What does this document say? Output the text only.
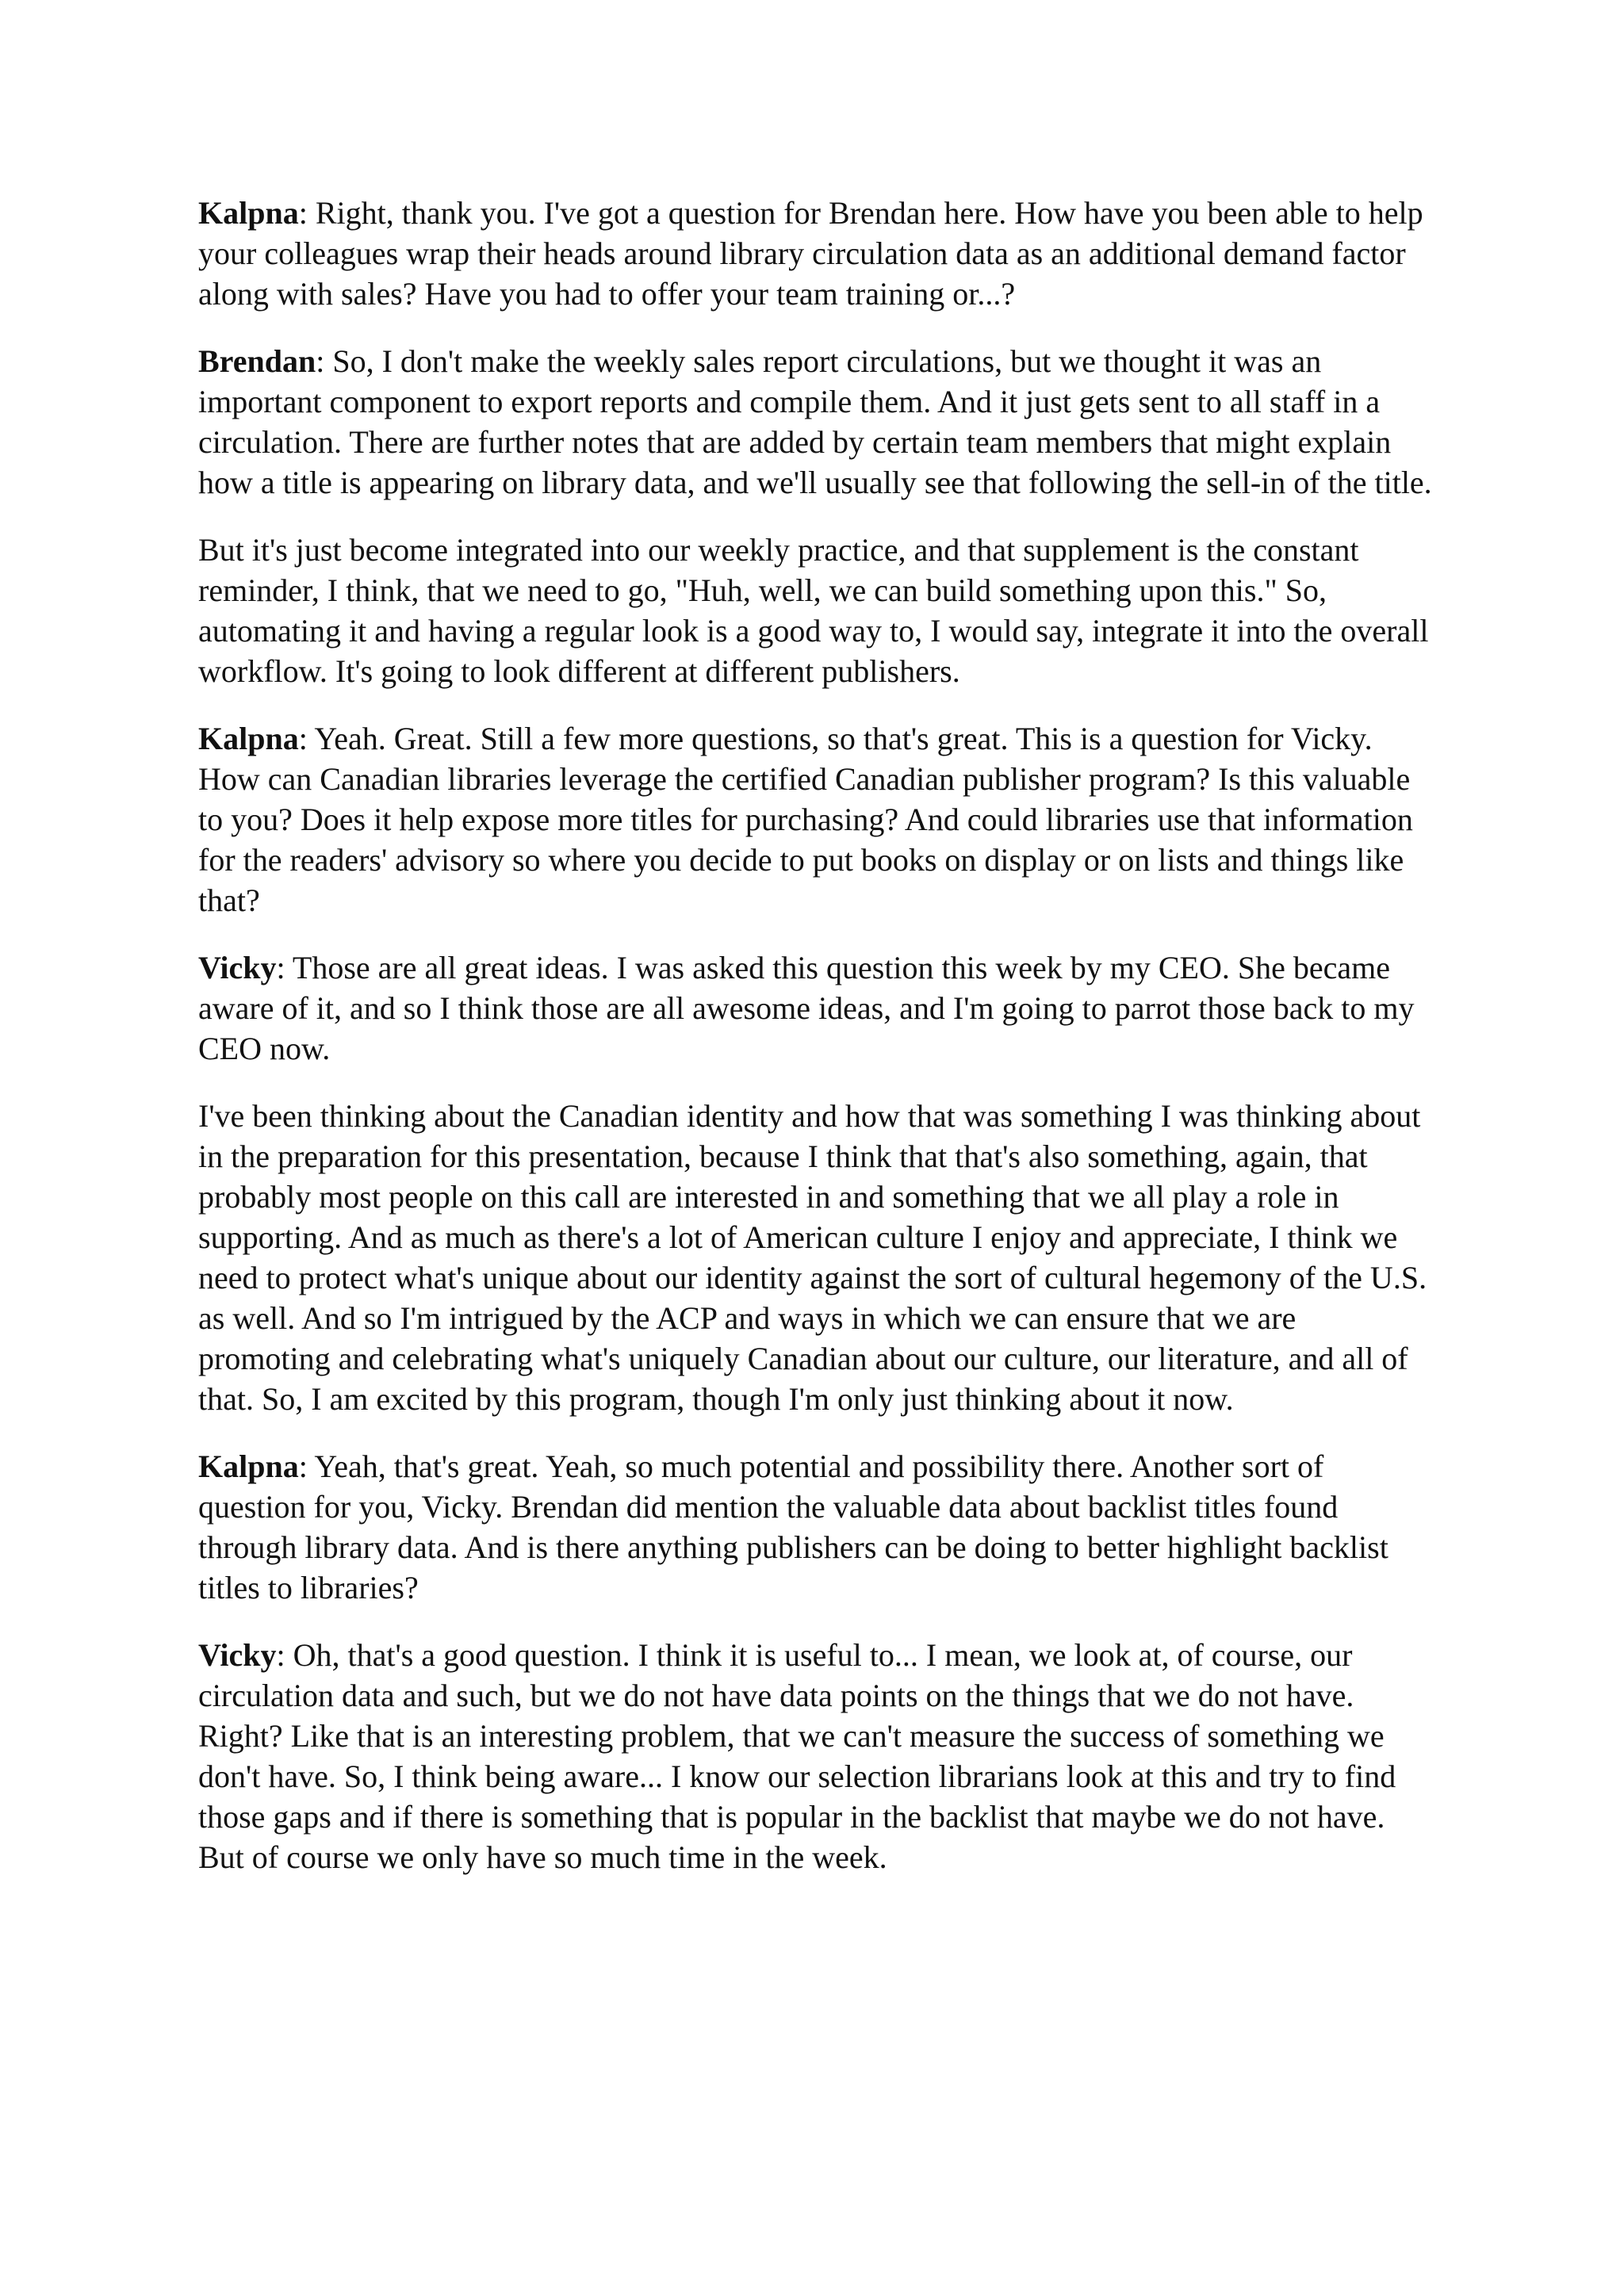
Kalpna: Right, thank you. I've got a question for Brendan here. How have you been able to help your colleagues wrap their heads around library circulation data as an additional demand factor along with sales? Have you had to offer your team training or...?

Brendan: So, I don't make the weekly sales report circulations, but we thought it was an important component to export reports and compile them. And it just gets sent to all staff in a circulation. There are further notes that are added by certain team members that might explain how a title is appearing on library data, and we'll usually see that following the sell-in of the title.

But it's just become integrated into our weekly practice, and that supplement is the constant reminder, I think, that we need to go, "Huh, well, we can build something upon this." So, automating it and having a regular look is a good way to, I would say, integrate it into the overall workflow. It's going to look different at different publishers.

Kalpna: Yeah. Great. Still a few more questions, so that's great. This is a question for Vicky. How can Canadian libraries leverage the certified Canadian publisher program? Is this valuable to you? Does it help expose more titles for purchasing? And could libraries use that information for the readers' advisory so where you decide to put books on display or on lists and things like that?

Vicky: Those are all great ideas. I was asked this question this week by my CEO. She became aware of it, and so I think those are all awesome ideas, and I'm going to parrot those back to my CEO now.

I've been thinking about the Canadian identity and how that was something I was thinking about in the preparation for this presentation, because I think that that's also something, again, that probably most people on this call are interested in and something that we all play a role in supporting. And as much as there's a lot of American culture I enjoy and appreciate, I think we need to protect what's unique about our identity against the sort of cultural hegemony of the U.S. as well. And so I'm intrigued by the ACP and ways in which we can ensure that we are promoting and celebrating what's uniquely Canadian about our culture, our literature, and all of that. So, I am excited by this program, though I'm only just thinking about it now.

Kalpna: Yeah, that's great. Yeah, so much potential and possibility there. Another sort of question for you, Vicky. Brendan did mention the valuable data about backlist titles found through library data. And is there anything publishers can be doing to better highlight backlist titles to libraries?

Vicky: Oh, that's a good question. I think it is useful to... I mean, we look at, of course, our circulation data and such, but we do not have data points on the things that we do not have. Right? Like that is an interesting problem, that we can't measure the success of something we don't have. So, I think being aware... I know our selection librarians look at this and try to find those gaps and if there is something that is popular in the backlist that maybe we do not have. But of course we only have so much time in the week.
